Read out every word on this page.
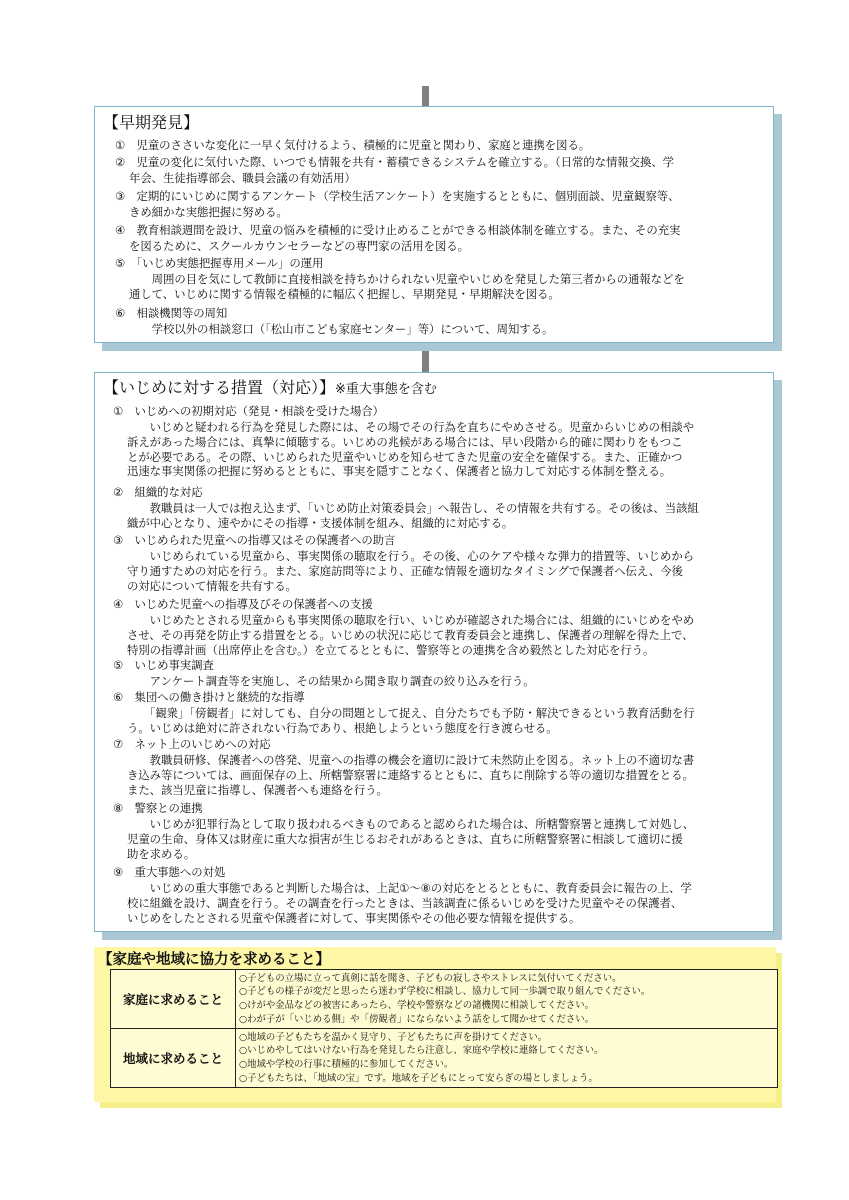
【早期発見】
①　児童のささいな変化に一早く気付けるよう、積極的に児童と関わり、家庭と連携を図る。
②　児童の変化に気付いた際、いつでも情報を共有・蓄積できるシステムを確立する。（日常的な情報交換、学
年会、生徒指導部会、職員会議の有効活用）
③　定期的にいじめに関するアンケート（学校生活アンケート）を実施するとともに、個別面談、児童観察等、
きめ細かな実態把握に努める。
④　教育相談週間を設け、児童の悩みを積極的に受け止めることができる相談体制を確立する。また、その充実
を図るために、スクールカウンセラーなどの専門家の活用を図る。
⑤　「いじめ実態把握専用メール」の運用
　　周囲の目を気にして教師に直接相談を持ちかけられない児童やいじめを発見した第三者からの通報などを
通して、いじめに関する情報を積極的に幅広く把握し、早期発見・早期解決を図る。
⑥　相談機関等の周知
　　学校以外の相談窓口（「松山市こども家庭センター」等）について、周知する。
【いじめに対する措置（対応）】※重大事態を含む
①　いじめへの初期対応（発見・相談を受けた場合）
　　いじめと疑われる行為を発見した際には、その場でその行為を直ちにやめさせる。児童からいじめの相談や
訴えがあった場合には、真摯に傾聴する。いじめの兆候がある場合には、早い段階から的確に関わりをもつこ
とが必要である。その際、いじめられた児童やいじめを知らせてきた児童の安全を確保する。また、正確かつ
迅速な事実関係の把握に努めるとともに、事実を隠すことなく、保護者と協力して対応する体制を整える。
②　組織的な対応
　　教職員は一人では抱え込まず、「いじめ防止対策委員会」へ報告し、その情報を共有する。その後は、当該組
織が中心となり、速やかにその指導・支援体制を組み、組織的に対応する。
③　いじめられた児童への指導又はその保護者への助言
　　いじめられている児童から、事実関係の聴取を行う。その後、心のケアや様々な弾力的措置等、いじめから
守り通すための対応を行う。また、家庭訪問等により、正確な情報を適切なタイミングで保護者へ伝え、今後
の対応について情報を共有する。
④　いじめた児童への指導及びその保護者への支援
　　いじめたとされる児童からも事実関係の聴取を行い、いじめが確認された場合には、組織的にいじめをやめ
させ、その再発を防止する措置をとる。いじめの状況に応じて教育委員会と連携し、保護者の理解を得た上で、
特別の指導計画（出席停止を含む。）を立てるとともに、警察等との連携を含め毅然とした対応を行う。
⑤　いじめ事実調査
　　アンケート調査等を実施し、その結果から聞き取り調査の絞り込みを行う。
⑥　集団への働き掛けと継続的な指導
　　「観衆」「傍観者」に対しても、自分の問題として捉え、自分たちでも予防・解決できるという教育活動を行
う。いじめは絶対に許されない行為であり、根絶しようという態度を行き渡らせる。
⑦　ネット上のいじめへの対応
　　教職員研修、保護者への啓発、児童への指導の機会を適切に設けて未然防止を図る。ネット上の不適切な書
き込み等については、画面保存の上、所轄警察署に連絡するとともに、直ちに削除する等の適切な措置をとる。
また、該当児童に指導し、保護者へも連絡を行う。
⑧　警察との連携
　　いじめが犯罪行為として取り扱われるべきものであると認められた場合は、所轄警察署と連携して対処し、
児童の生命、身体又は財産に重大な損害が生じるおそれがあるときは、直ちに所轄警察署に相談して適切に援
助を求める。
⑨　重大事態への対処
　　いじめの重大事態であると判断した場合は、上記①～⑧の対応をとるとともに、教育委員会に報告の上、学
校に組織を設け、調査を行う。その調査を行ったときは、当該調査に係るいじめを受けた児童やその保護者、
いじめをしたとされる児童や保護者に対して、事実関係やその他必要な情報を提供する。
【家庭や地域に協力を求めること】
家庭に求めること	○子どもの立場に立って真剣に話を聞き、子どもの寂しさやストレスに気付いてください。
○子どもの様子が変だと思ったら迷わず学校に相談し、協力して同一歩調で取り組んでください。
○けがや金品などの被害にあったら、学校や警察などの諸機関に相談してください。
○わが子が「いじめる側」や「傍観者」にならないよう話をして聞かせてください。

地域に求めること	○地域の子どもたちを温かく見守り、子どもたちに声を掛けてください。
○いじめやしてはいけない行為を発見したら注意し、家庭や学校に連絡してください。
○地域や学校の行事に積極的に参加してください。
○子どもたちは、「地域の宝」です。地域を子どもにとって安らぎの場としましょう。
